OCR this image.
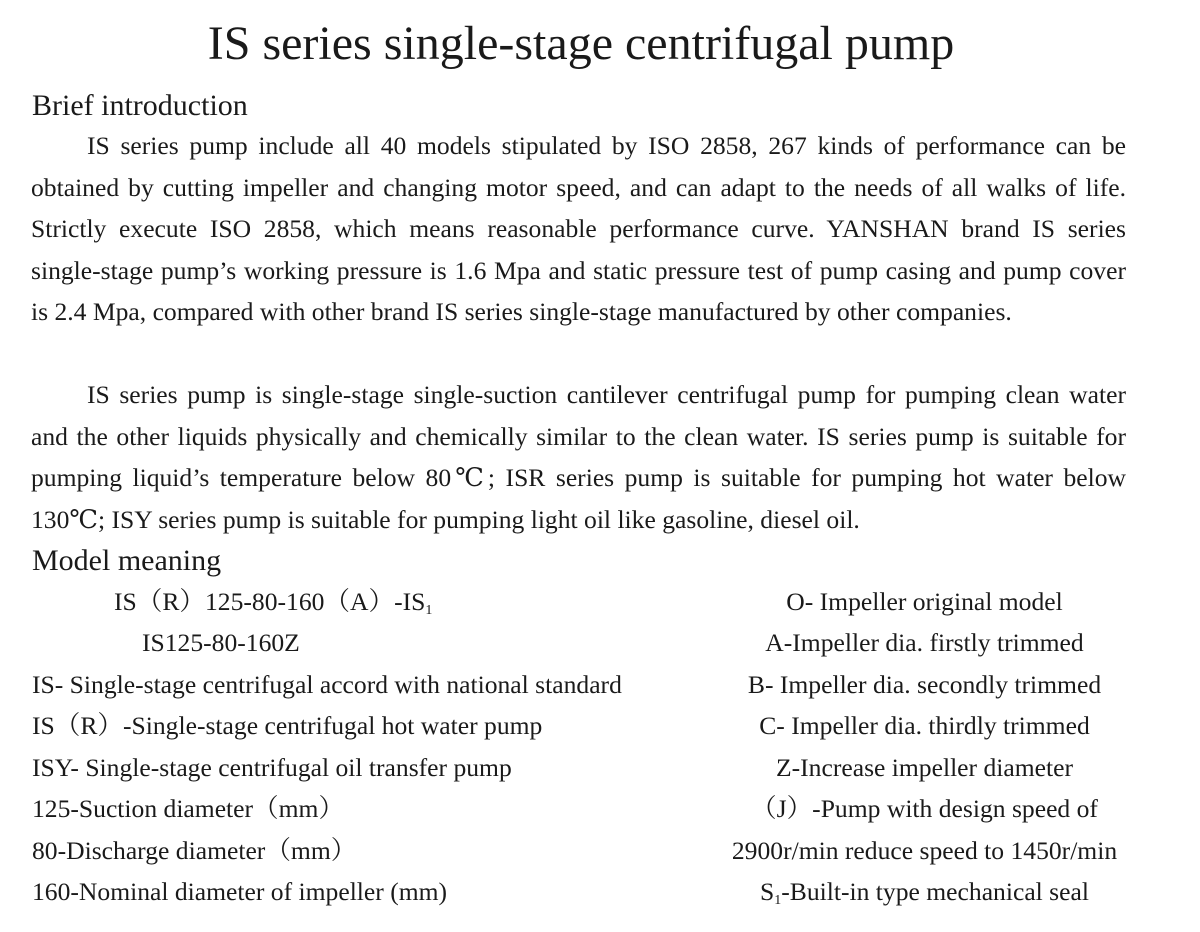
IS series single-stage centrifugal pump
Brief introduction

IS series pump include all 40 models stipulated by ISO 2858, 267 kinds of performance can be obtained by cutting impeller and changing motor speed, and can adapt to the needs of all walks of life. Strictly execute ISO 2858, which means reasonable performance curve. YANSHAN brand IS series single-stage pump’s working pressure is 1.6 Mpa and static pressure test of pump casing and pump cover is 2.4 Mpa, compared with other brand IS series single-stage manufactured by other companies.

IS series pump is single-stage single-suction cantilever centrifugal pump for pumping clean water and the other liquids physically and chemically similar to the clean water. IS series pump is suitable for pumping liquid’s temperature below 80℃; ISR series pump is suitable for pumping hot water below 130℃; ISY series pump is suitable for pumping light oil like gasoline, diesel oil.

Model meaning
$IS(R)125-80-160(A)-IS_1$
IS125-80-160Z
IS- Single-stage centrifugal accord with national standard
IS（R）-Single-stage centrifugal hot water pump
ISY- Single-stage centrifugal oil transfer pump
125-Suction diameter（mm）
80-Discharge diameter（mm）
160-Nominal diameter of impeller (mm)
O- Impeller original model
A-Impeller dia. firstly trimmed
B- Impeller dia. secondly trimmed
C- Impeller dia. thirdly trimmed
Z-Increase impeller diameter
（J）-Pump with design speed of
2900r/min reduce speed to 1450r/min
$S_1-Built-in$ type mechanical seal
